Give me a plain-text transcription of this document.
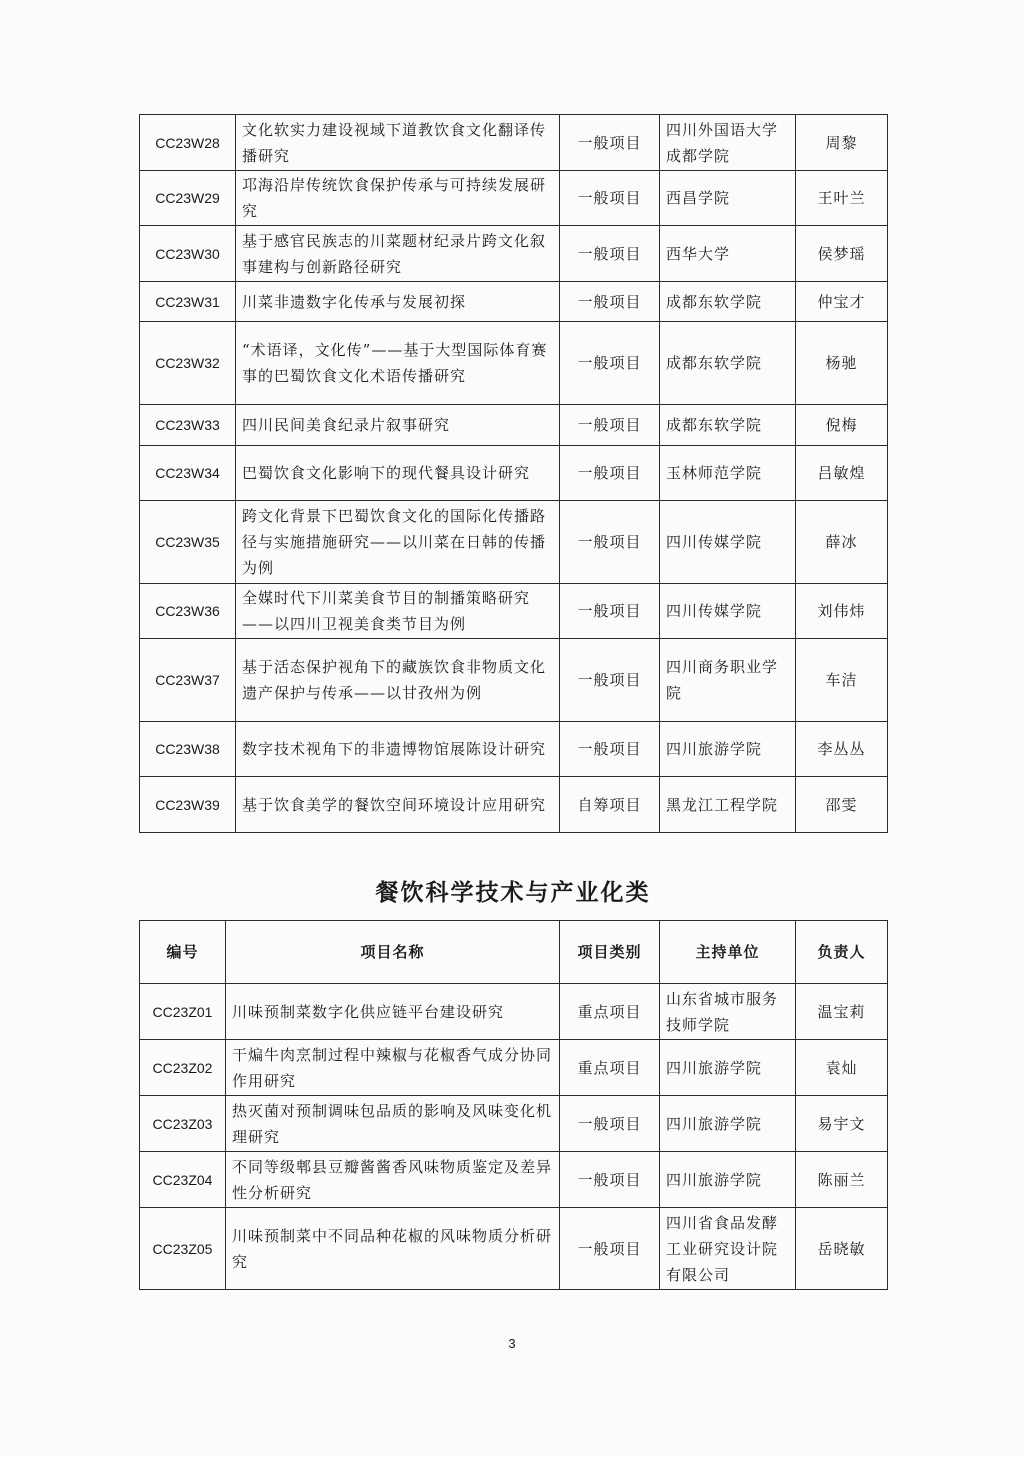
CC23W28	文化软实力建设视域下道教饮食文化翻译传播研究	一般项目	四川外国语大学成都学院	周黎
CC23W29	邛海沿岸传统饮食保护传承与可持续发展研究	一般项目	西昌学院	王叶兰
CC23W30	基于感官民族志的川菜题材纪录片跨文化叙事建构与创新路径研究	一般项目	西华大学	侯梦瑶
CC23W31	川菜非遗数字化传承与发展初探	一般项目	成都东软学院	仲宝才
CC23W32	“术语译，文化传”——基于大型国际体育赛事的巴蜀饮食文化术语传播研究	一般项目	成都东软学院	杨驰
CC23W33	四川民间美食纪录片叙事研究	一般项目	成都东软学院	倪梅
CC23W34	巴蜀饮食文化影响下的现代餐具设计研究	一般项目	玉林师范学院	吕敏煌
CC23W35	跨文化背景下巴蜀饮食文化的国际化传播路径与实施措施研究——以川菜在日韩的传播为例	一般项目	四川传媒学院	薛冰
CC23W36	全媒时代下川菜美食节目的制播策略研究——以四川卫视美食类节目为例	一般项目	四川传媒学院	刘伟炜
CC23W37	基于活态保护视角下的藏族饮食非物质文化遗产保护与传承——以甘孜州为例	一般项目	四川商务职业学院	车洁
CC23W38	数字技术视角下的非遗博物馆展陈设计研究	一般项目	四川旅游学院	李丛丛
CC23W39	基于饮食美学的餐饮空间环境设计应用研究	自筹项目	黑龙江工程学院	邵雯
餐饮科学技术与产业化类
编号	项目名称	项目类别	主持单位	负责人
CC23Z01	川味预制菜数字化供应链平台建设研究	重点项目	山东省城市服务技师学院	温宝莉
CC23Z02	干煸牛肉烹制过程中辣椒与花椒香气成分协同作用研究	重点项目	四川旅游学院	袁灿
CC23Z03	热灭菌对预制调味包品质的影响及风味变化机理研究	一般项目	四川旅游学院	易宇文
CC23Z04	不同等级郫县豆瓣酱酱香风味物质鉴定及差异性分析研究	一般项目	四川旅游学院	陈丽兰
CC23Z05	川味预制菜中不同品种花椒的风味物质分析研究	一般项目	四川省食品发酵工业研究设计院有限公司	岳晓敏
3
